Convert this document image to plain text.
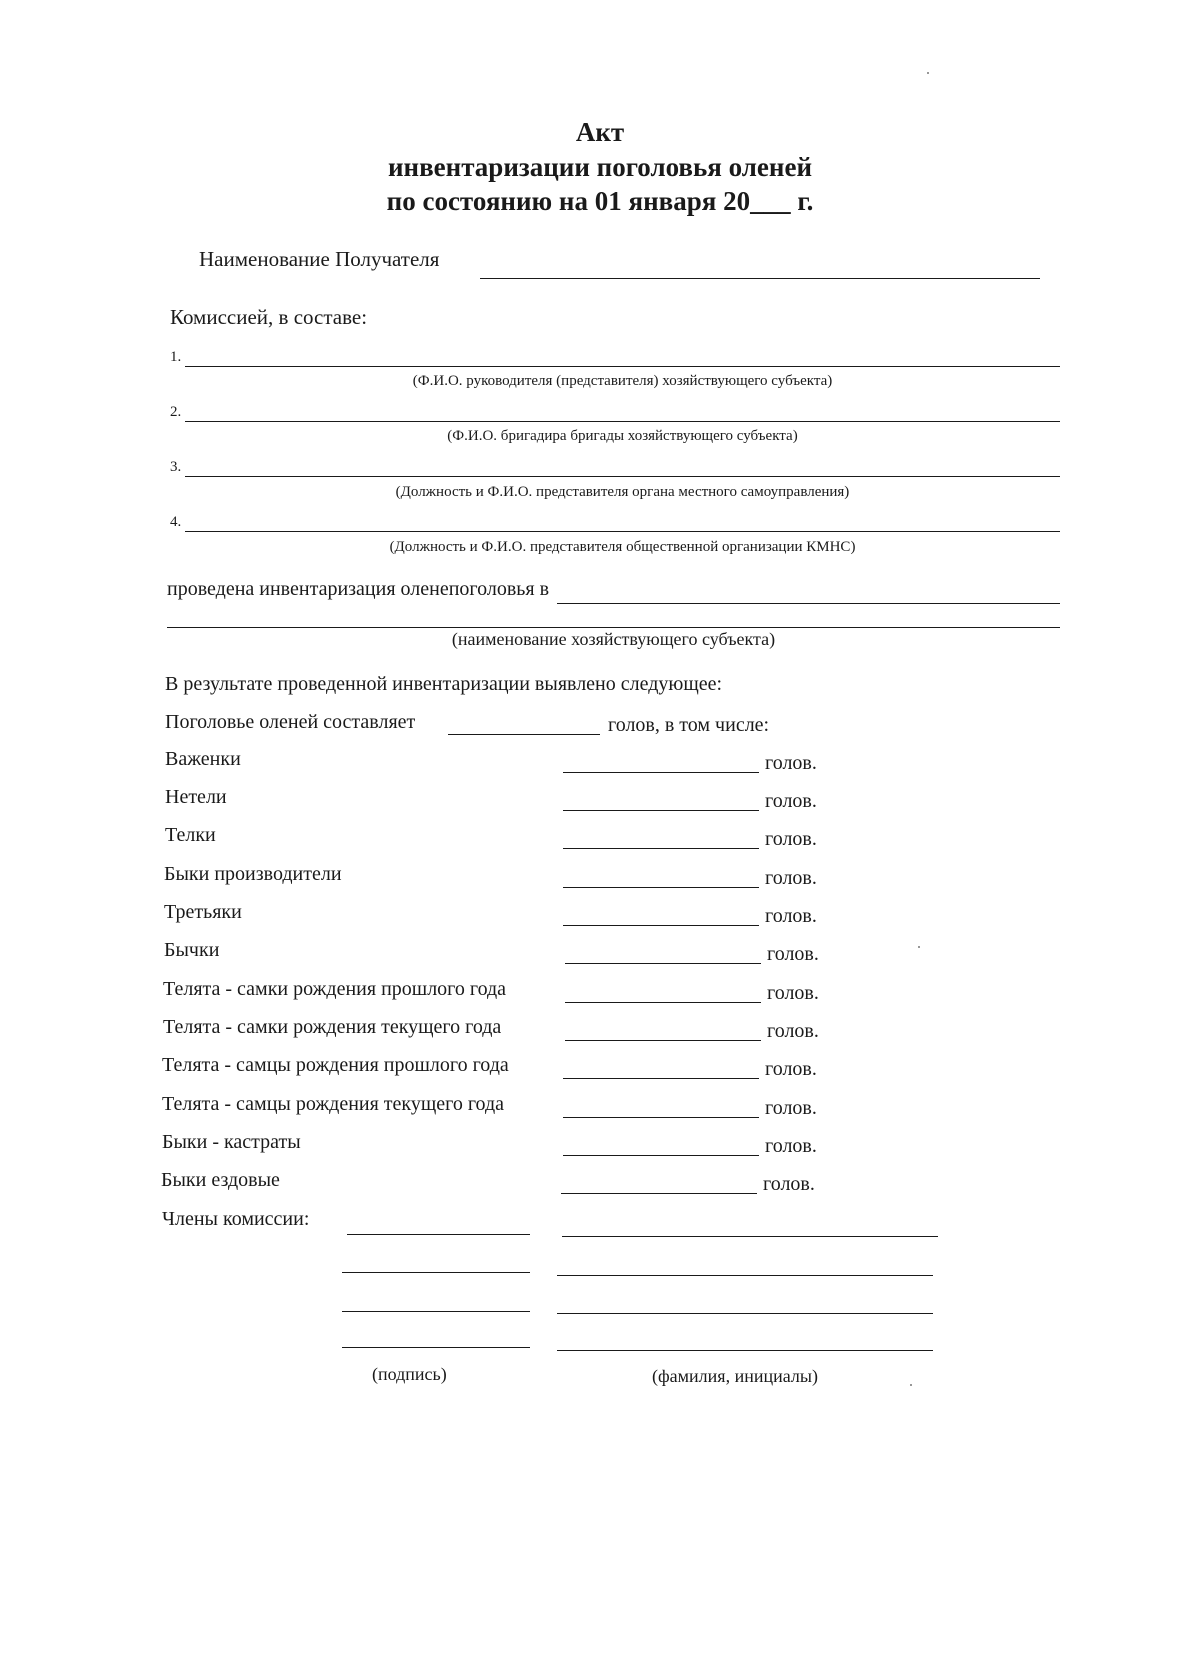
Акт
инвентаризации поголовья оленей
по состоянию на 01 января 20___ г.
Наименование Получателя
Комиссией, в составе:
1.
(Ф.И.О. руководителя (представителя) хозяйствующего субъекта)
2.
(Ф.И.О. бригадира бригады хозяйствующего субъекта)
3.
(Должность и Ф.И.О. представителя органа местного самоуправления)
4.
(Должность и Ф.И.О. представителя общественной организации КМНС)
проведена инвентаризация оленепоголовья в
(наименование хозяйствующего субъекта)
В результате проведенной инвентаризации выявлено следующее:
Поголовье оленей составляет	голов, в том числе:
Важенки	голов.
Нетели	голов.
Телки	голов.
Быки производители	голов.
Третьяки	голов.
Бычки	голов.
Телята - самки рождения прошлого года	голов.
Телята - самки рождения текущего года	голов.
Телята - самцы рождения прошлого года	голов.
Телята - самцы рождения текущего года	голов.
Быки - кастраты	голов.
Быки ездовые	голов.
Члены комиссии:
(подпись)	(фамилия, инициалы)
